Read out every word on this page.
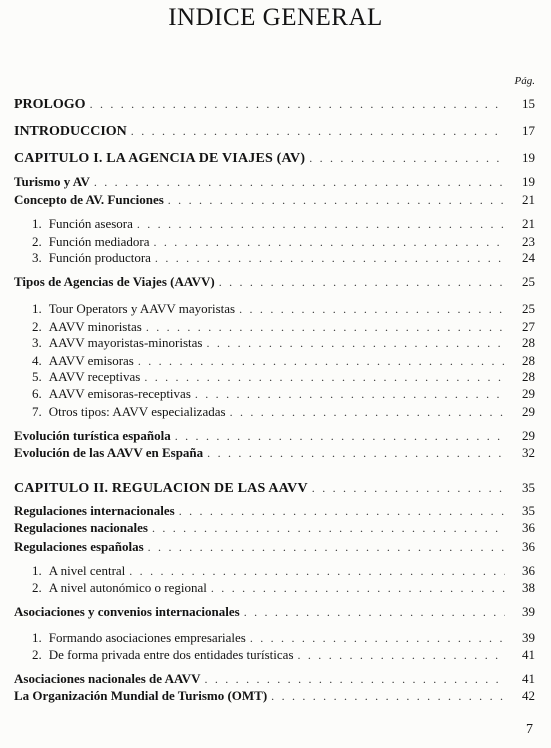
INDICE GENERAL
Pág.
PROLOGO . . .	15
INTRODUCCION . . .	17
CAPITULO I. LA AGENCIA DE VIAJES (AV) . . .	19
Turismo y AV . . .	19
Concepto de AV. Funciones . . .	21
1. Función asesora . . .	21
2. Función mediadora . . .	23
3. Función productora . . .	24
Tipos de Agencias de Viajes (AAVV) . . .	25
1. Tour Operators y AAVV mayoristas . . .	25
2. AAVV minoristas . . .	27
3. AAVV mayoristas-minoristas . . .	28
4. AAVV emisoras . . .	28
5. AAVV receptivas . . .	28
6. AAVV emisoras-receptivas . . .	29
7. Otros tipos: AAVV especializadas . . .	29
Evolución turística española . . .	29
Evolución de las AAVV en España . . .	32
CAPITULO II. REGULACION DE LAS AAVV . . .	35
Regulaciones internacionales . . .	35
Regulaciones nacionales . . .	36
Regulaciones españolas . . .	36
1. A nivel central . . .	36
2. A nivel autonómico o regional . . .	38
Asociaciones y convenios internacionales . . .	39
1. Formando asociaciones empresariales . . .	39
2. De forma privada entre dos entidades turísticas . . .	41
Asociaciones nacionales de AAVV . . .	41
La Organización Mundial de Turismo (OMT) . . .	42
7
